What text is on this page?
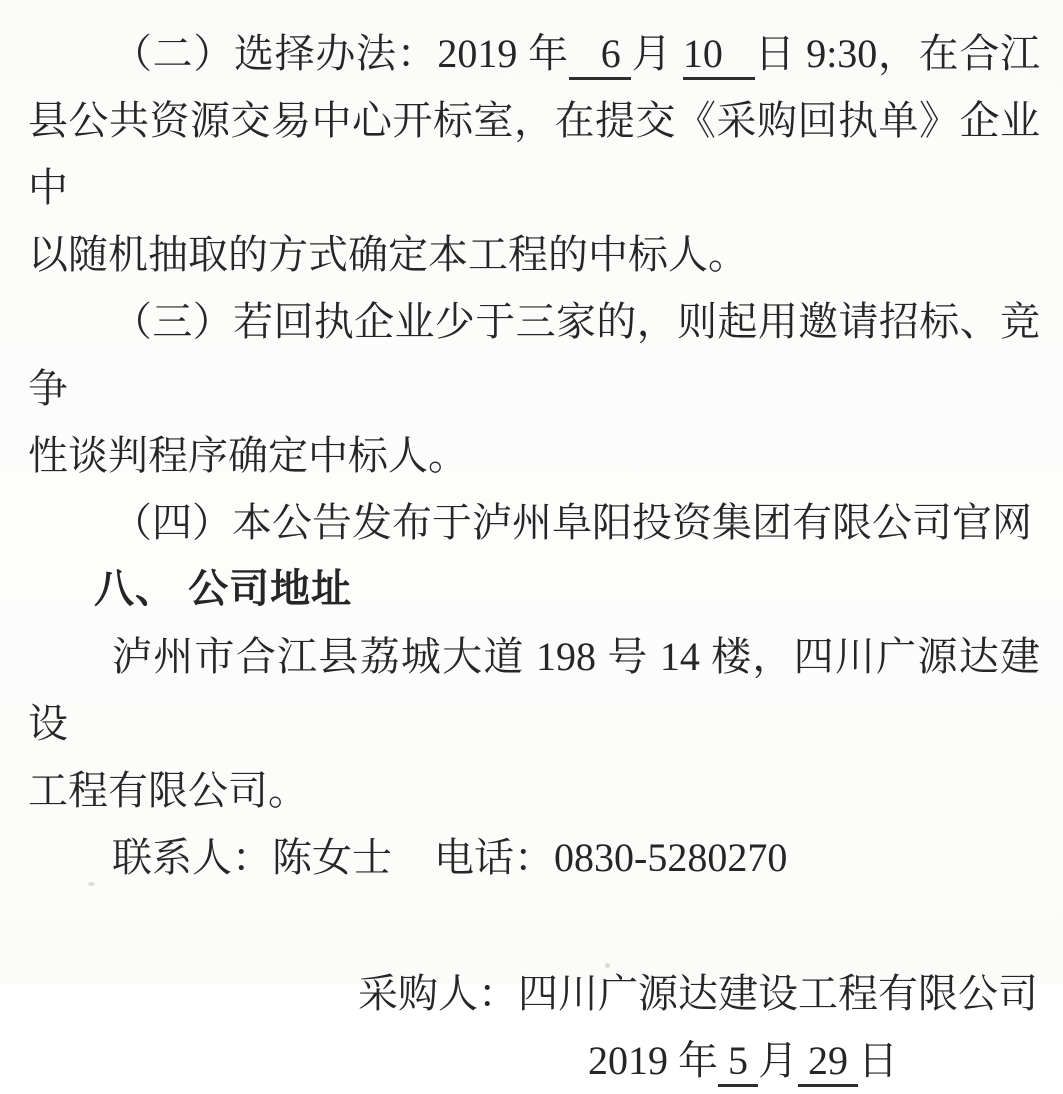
（二）选择办法：2019 年   6 月 10   日 9:30，在合江
县公共资源交易中心开标室，在提交《采购回执单》企业中
以随机抽取的方式确定本工程的中标人。
（三）若回执企业少于三家的，则起用邀请招标、竞争
性谈判程序确定中标人。
（四）本公告发布于泸州阜阳投资集团有限公司官网
八、 公司地址
泸州市合江县荔城大道 198 号 14 楼，四川广源达建设
工程有限公司。
联系人：陈女士 电话：0830-5280270
采购人：四川广源达建设工程有限公司
2019 年 5 月 29 日
